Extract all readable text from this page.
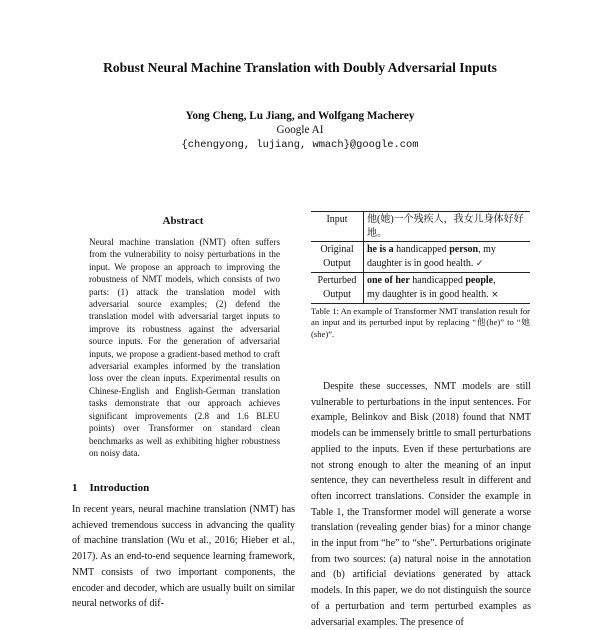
Robust Neural Machine Translation with Doubly Adversarial Inputs
Yong Cheng, Lu Jiang, and Wolfgang Macherey
Google AI
{chengyong, lujiang, wmach}@google.com
Abstract
Neural machine translation (NMT) often suffers from the vulnerability to noisy perturbations in the input. We propose an approach to improving the robustness of NMT models, which consists of two parts: (1) attack the translation model with adversarial source examples; (2) defend the translation model with adversarial target inputs to improve its robustness against the adversarial source inputs. For the generation of adversarial inputs, we propose a gradient-based method to craft adversarial examples informed by the translation loss over the clean inputs. Experimental results on Chinese-English and English-German translation tasks demonstrate that our approach achieves significant improvements (2.8 and 1.6 BLEU points) over Transformer on standard clean benchmarks as well as exhibiting higher robustness on noisy data.
1 Introduction
In recent years, neural machine translation (NMT) has achieved tremendous success in advancing the quality of machine translation (Wu et al., 2016; Hieber et al., 2017). As an end-to-end sequence learning framework, NMT consists of two important components, the encoder and decoder, which are usually built on similar neural networks of dif-
Input	他(她)一个残疾人，我女儿身体好好地。
Original
Output	he is a handicapped person, my
daughter is in good health. ✓
Perturbed
Output	one of her handicapped people,
my daughter is in good health. ×
Table 1: An example of Transformer NMT translation result for an input and its perturbed input by replacing “他(he)” to “她(she)”.

Despite these successes, NMT models are still vulnerable to perturbations in the input sentences. For example, Belinkov and Bisk (2018) found that NMT models can be immensely brittle to small perturbations applied to the inputs. Even if these perturbations are not strong enough to alter the meaning of an input sentence, they can nevertheless result in different and often incorrect translations. Consider the example in Table 1, the Transformer model will generate a worse translation (revealing gender bias) for a minor change in the input from “he” to “she”. Perturbations originate from two sources: (a) natural noise in the annotation and (b) artificial deviations generated by attack models. In this paper, we do not distinguish the source of a perturbation and term perturbed examples as adversarial examples. The presence of
